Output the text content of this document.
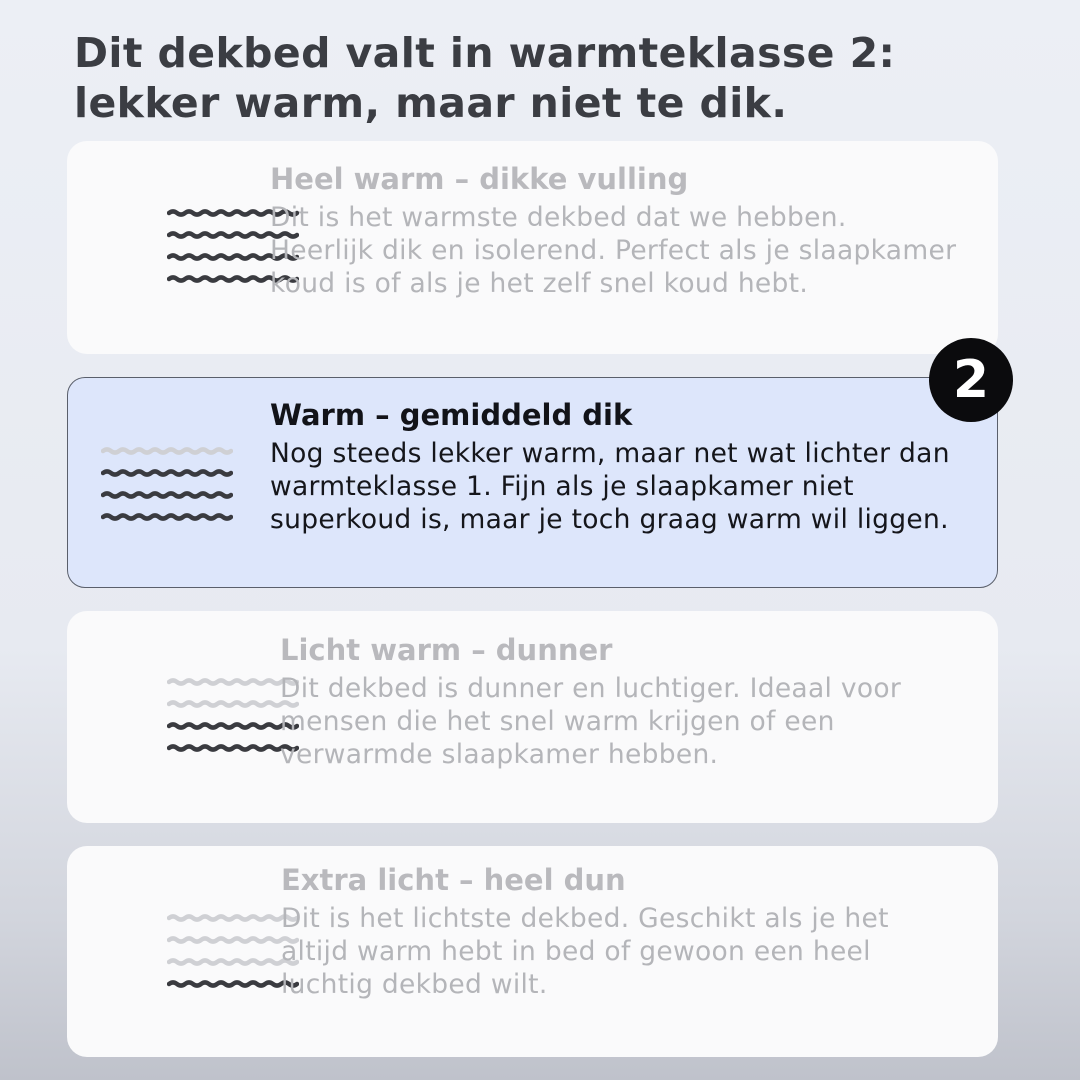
Dit dekbed valt in warmteklasse 2: lekker warm, maar niet te dik.
Heel warm – dikke vulling
Dit is het warmste dekbed dat we hebben. Heerlijk dik en isolerend. Perfect als je slaapkamer koud is of als je het zelf snel koud hebt.
Warm – gemiddeld dik
Nog steeds lekker warm, maar net wat lichter dan warmteklasse 1. Fijn als je slaapkamer niet superkoud is, maar je toch graag warm wil liggen.
Licht warm – dunner
Dit dekbed is dunner en luchtiger. Ideaal voor mensen die het snel warm krijgen of een verwarmde slaapkamer hebben.
Extra licht – heel dun
Dit is het lichtste dekbed. Geschikt als je het altijd warm hebt in bed of gewoon een heel luchtig dekbed wilt.
2
